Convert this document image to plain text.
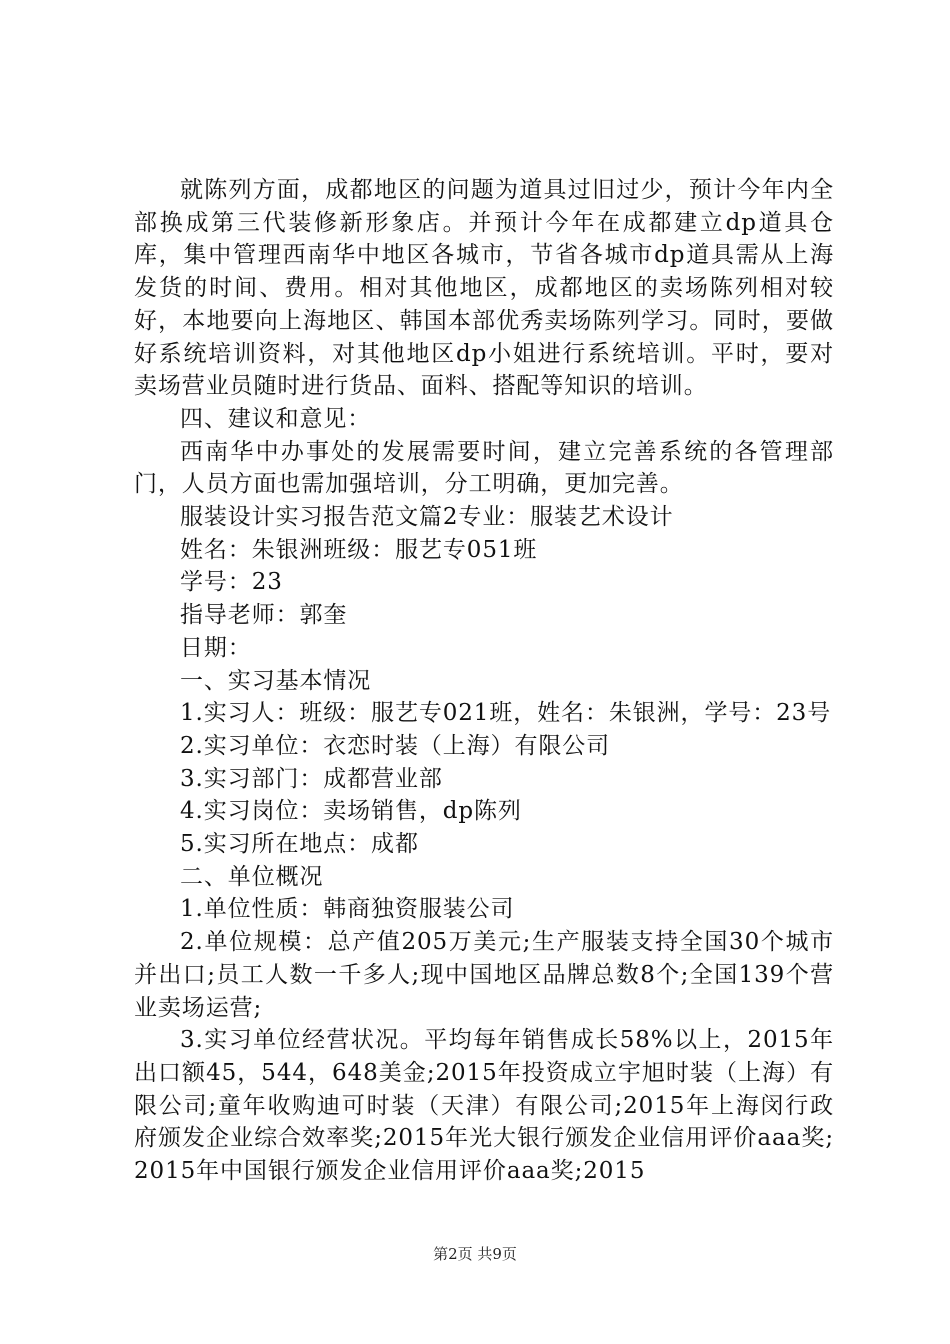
就陈列方面，成都地区的问题为道具过旧过少，预计今年内全部换成第三代装修新形象店。并预计今年在成都建立dp道具仓库，集中管理西南华中地区各城市，节省各城市dp道具需从上海发货的时间、费用。相对其他地区，成都地区的卖场陈列相对较好，本地要向上海地区、韩国本部优秀卖场陈列学习。同时，要做好系统培训资料，对其他地区dp小姐进行系统培训。平时，要对卖场营业员随时进行货品、面料、搭配等知识的培训。

四、建议和意见：

西南华中办事处的发展需要时间，建立完善系统的各管理部门，人员方面也需加强培训，分工明确，更加完善。

服装设计实习报告范文篇2专业：服装艺术设计

姓名：朱银洲班级：服艺专051班

学号：23

指导老师：郭奎

日期：

一、实习基本情况

1.实习人：班级：服艺专021班，姓名：朱银洲，学号：23号

2.实习单位：衣恋时装（上海）有限公司

3.实习部门：成都营业部

4.实习岗位：卖场销售，dp陈列

5.实习所在地点：成都

二、单位概况

1.单位性质：韩商独资服装公司

2.单位规模：总产值205万美元;生产服装支持全国30个城市并出口;员工人数一千多人;现中国地区品牌总数8个;全国139个营业卖场运营;

3.实习单位经营状况。平均每年销售成长58%以上，2015年出口额45，544，648美金;2015年投资成立宇旭时装（上海）有限公司;童年收购迪可时装（天津）有限公司;2015年上海闵行政府颁发企业综合效率奖;2015年光大银行颁发企业信用评价aaa奖;2015年中国银行颁发企业信用评价aaa奖;2015

第2页 共9页
